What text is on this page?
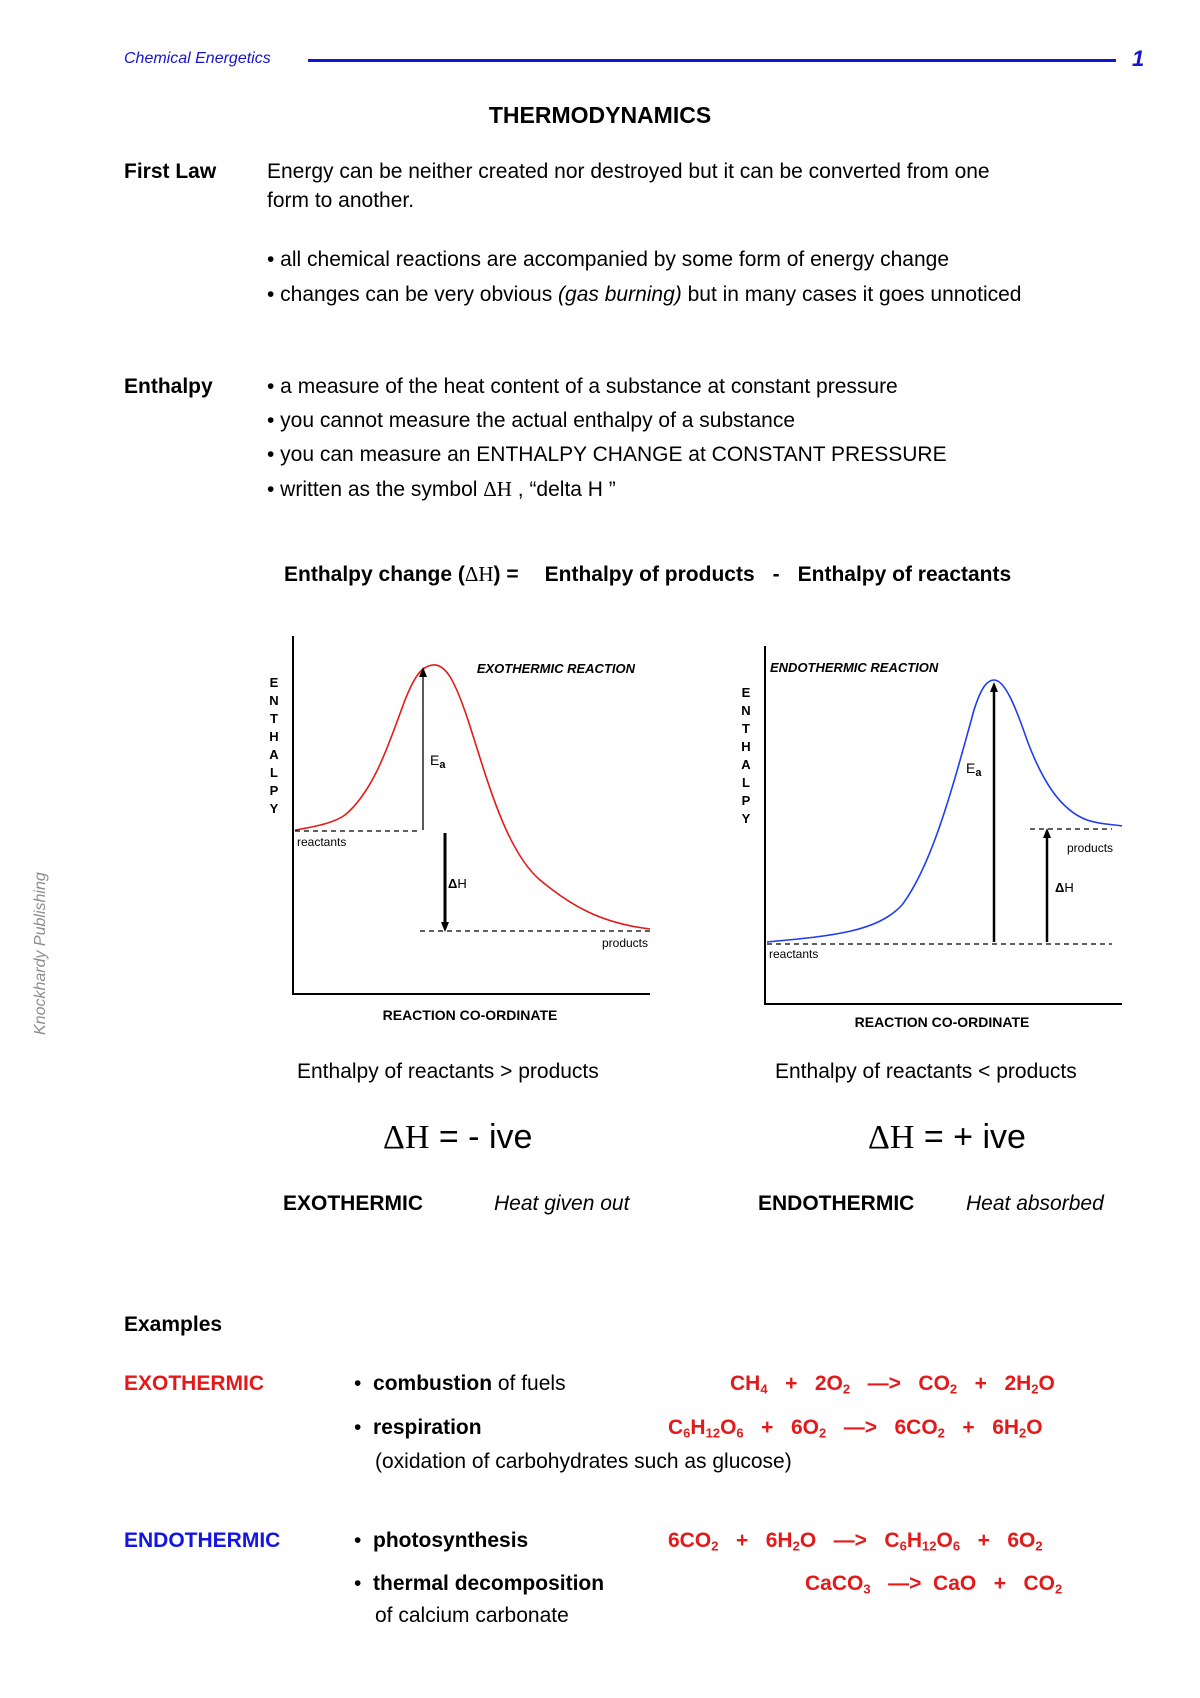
Chemical Energetics	1
Knockhardy Publishing
THERMODYNAMICS
First Law Energy can be neither created nor destroyed but it can be converted from one
form to another.
• all chemical reactions are accompanied by some form of energy change
• changes can be very obvious (gas burning) but in many cases it goes unnoticed
Enthalpy	• a measure of the heat content of a substance at constant pressure
• you cannot measure the actual enthalpy of a substance
• you can measure an ENTHALPY CHANGE at CONSTANT PRESSURE
• written as the symbol ΔH , “delta H ”
Enthalpy change (ΔH) = Enthalpy of products - Enthalpy of reactants
EXOTHERMIC REACTION
E
N
T
H
A
L
P
Y
reactants
products
$E_a$
ΔH
REACTION CO-ORDINATE
ENDOTHERMIC REACTION
E
N
T
H
A
L
P
Y
reactants
products
$E_a$
ΔH
REACTION CO-ORDINATE
Enthalpy of reactants > products	Enthalpy of reactants < products
ΔH = - ive	ΔH = + ive
EXOTHERMIC	Heat given out	ENDOTHERMIC Heat absorbed
Examples
EXOTHERMIC	• combustion of fuels	$CH_4 + 2O_2$   —>   $CO_2 + 2H_2O$
• respiration	$C_6H_{12}O_6 + 6O_2$   —>   $6CO_2 + 6H_2O$
(oxidation of carbohydrates such as glucose)
ENDOTHERMIC	• photosynthesis	$6CO_2 + 6H_2O$   —>   $C_6H_{12}O_6 + 6O_2$
• thermal decomposition	CaCO$_3$   —>  CaO   +   $CO_2$
of calcium carbonate
